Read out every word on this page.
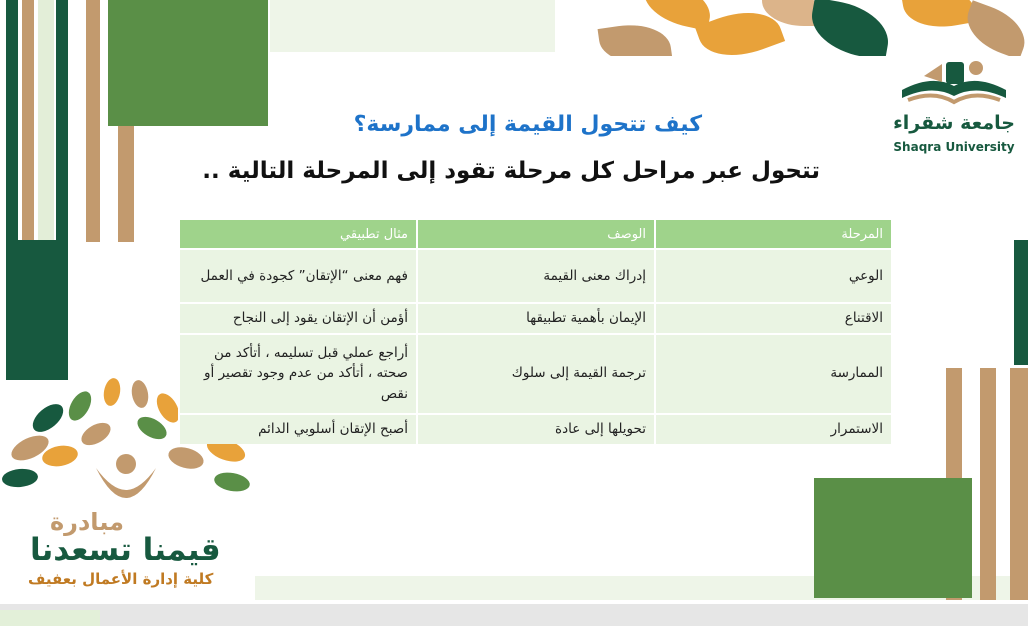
جامعة شقراء
Shaqra University
مبادرة
قيمنا تسعدنا
كلية إدارة الأعمال بعفيف
كيف تتحول القيمة إلى ممارسة؟
تتحول عبر مراحل كل مرحلة تقود إلى المرحلة التالية ..
المرحلة	الوصف	مثال تطبيقي
الوعي	إدراك معنى القيمة	فهم معنى “الإتقان” كجودة في العمل
الاقتناع	الإيمان بأهمية تطبيقها	أؤمن أن الإتقان يقود إلى النجاح
الممارسة	ترجمة القيمة إلى سلوك	أراجع عملي قبل تسليمه ، أتأكد من صحته ، أتأكد من عدم وجود تقصير أو نقص
الاستمرار	تحويلها إلى عادة	أصبح الإتقان أسلوبي الدائم
